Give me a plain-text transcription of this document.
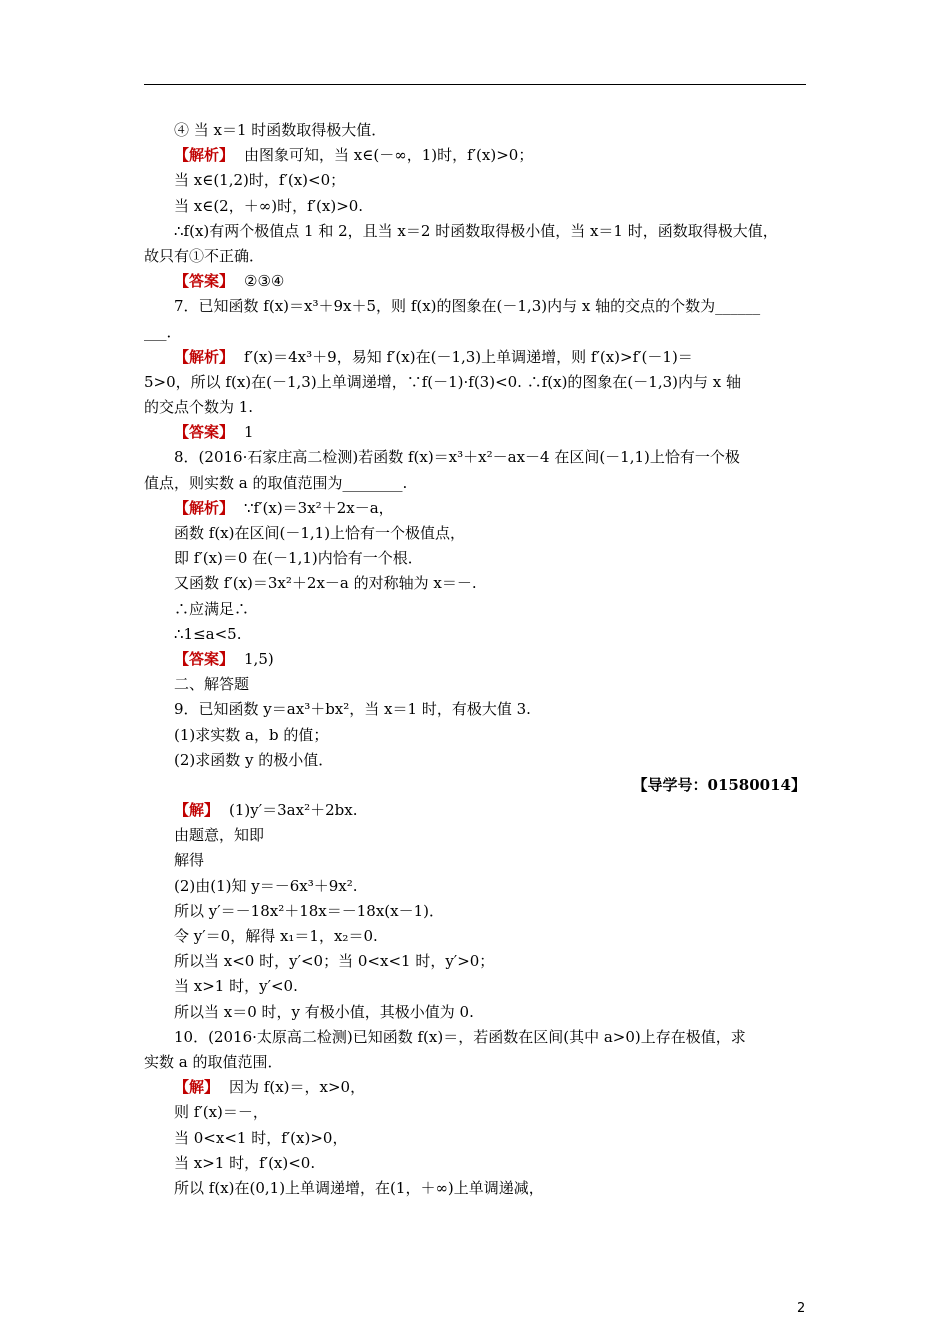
④ 当 x＝1 时函数取得极大值．
【解析】 由图象可知，当 x∈(－∞，1)时，f′(x)>0；
当 x∈(1,2)时，f′(x)<0；
当 x∈(2，＋∞)时，f′(x)>0.
∴f(x)有两个极值点 1 和 2，且当 x＝2 时函数取得极小值，当 x＝1 时，函数取得极大值，
故只有①不正确．
【答案】 ②③④
7．已知函数 f(x)＝x³＋9x＋5，则 f(x)的图象在(－1,3)内与 x 轴的交点的个数为______
___．
【解析】 f′(x)＝4x³＋9，易知 f′(x)在(－1,3)上单调递增，则 f′(x)>f′(－1)＝
5>0，所以 f(x)在(－1,3)上单调递增，∵f(－1)·f(3)<0. ∴f(x)的图象在(－1,3)内与 x 轴
的交点个数为 1.
【答案】 1
8．(2016·石家庄高二检测)若函数 f(x)＝x³＋x²－ax－4 在区间(－1,1)上恰有一个极
值点，则实数 a 的取值范围为________.
【解析】 ∵f′(x)＝3x²＋2x－a，
函数 f(x)在区间(－1,1)上恰有一个极值点，
即 f′(x)＝0 在(－1,1)内恰有一个根．
又函数 f′(x)＝3x²＋2x－a 的对称轴为 x＝－.
∴应满足∴
∴1≤a<5.
【答案】 1,5)
二、解答题
9．已知函数 y＝ax³＋bx²，当 x＝1 时，有极大值 3.
(1)求实数 a，b 的值；
(2)求函数 y 的极小值．
【导学号：01580014】
【解】 (1)y′＝3ax²＋2bx.
由题意，知即
解得
(2)由(1)知 y＝－6x³＋9x².
所以 y′＝－18x²＋18x＝－18x(x－1)．
令 y′＝0，解得 x₁＝1，x₂＝0.
所以当 x<0 时，y′<0；当 0<x<1 时，y′>0；
当 x>1 时，y′<0.
所以当 x＝0 时，y 有极小值，其极小值为 0.
10．(2016·太原高二检测)已知函数 f(x)＝，若函数在区间(其中 a>0)上存在极值，求
实数 a 的取值范围．
【解】 因为 f(x)＝，x>0，
则 f′(x)＝－，
当 0<x<1 时，f′(x)>0，
当 x>1 时，f′(x)<0.
所以 f(x)在(0,1)上单调递增，在(1，＋∞)上单调递减，
2
